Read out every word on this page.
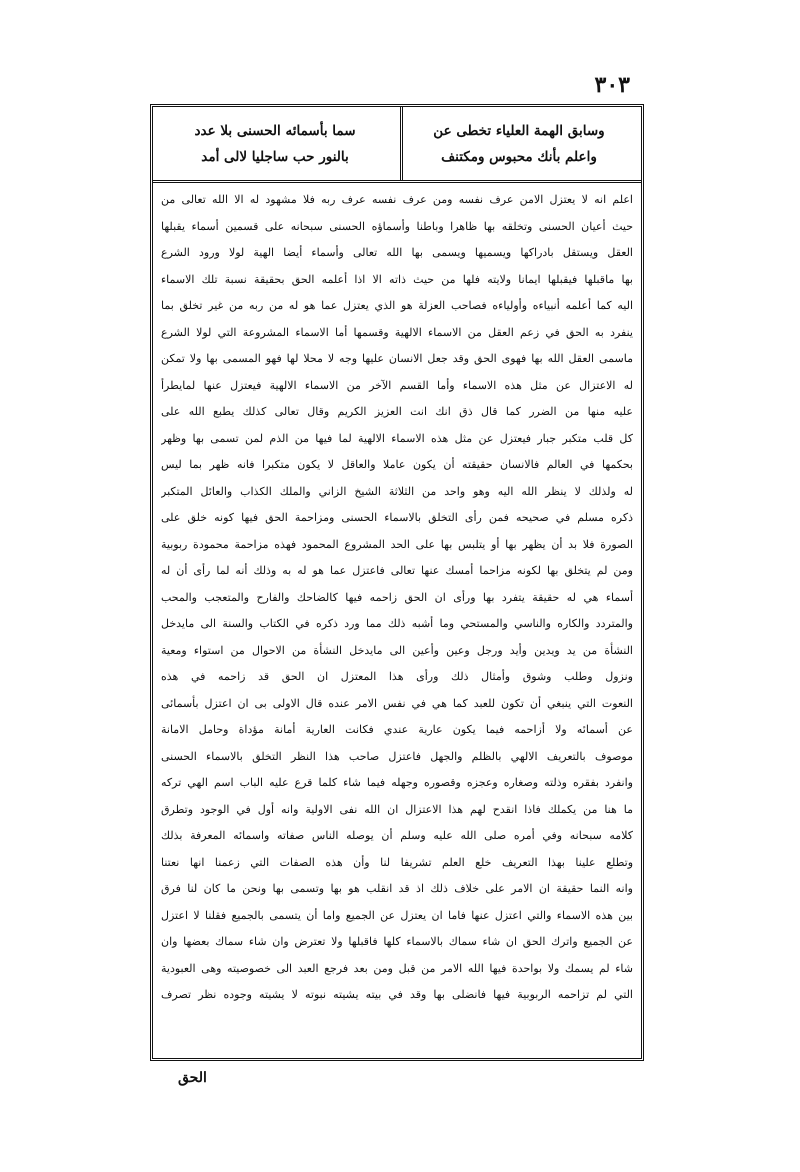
٣٠٣
وسابق الهمة العلياء تخطى عن
واعلم بأنك محبوس ومكتنف
سما بأسمائه الحسنى بلا عدد
بالنور حب ساجليا لالى أمد
اعلم انه لا يعتزل الامن عرف نفسه ومن عرف نفسه عرف ربه فلا مشهود له الا الله تعالى من
حيث أعيان الحسنى وتخلقه بها ظاهرا وباطنا وأسماؤه الحسنى سبحانه على قسمين أسماء يقبلها
العقل ويستقل بادراكها ويسميها ويسمى بها الله تعالى وأسماء أيضا الهية لولا ورود الشرع
بها ماقبلها فيقبلها ايمانا ولايته فلها من حيث ذاته الا اذا أعلمه الحق بحقيقة نسبة تلك الاسماء
اليه كما أعلمه أنبياءه وأولياءه فصاحب العزلة هو الذي يعتزل عما هو له من ربه من غير تخلق بما
ينفرد به الحق في زعم العقل من الاسماء الالهية وقسمها أما الاسماء المشروعة التي لولا الشرع
ماسمى العقل الله بها فهوى الحق وقد جعل الانسان عليها وجه لا محلا لها فهو المسمى بها ولا تمكن
له الاعتزال عن مثل هذه الاسماء وأما القسم الآخر من الاسماء الالهية فيعتزل عنها لمايطرأ
عليه منها من الضرر كما قال ذق انك انت العزيز الكريم وقال تعالى كذلك يطبع الله على
كل قلب متكبر جبار فيعتزل عن مثل هذه الاسماء الالهية لما فيها من الذم لمن تسمى بها وظهر
بحكمها في العالم فالانسان حقيقته أن يكون عاملا والعاقل لا يكون متكبرا فانه ظهر بما ليس
له ولذلك لا ينظر الله اليه وهو واحد من الثلاثة الشيخ الزاني والملك الكذاب والعائل المتكبر
ذكره مسلم في صحيحه فمن رأى التخلق بالاسماء الحسنى ومزاحمة الحق فيها كونه خلق على
الصورة فلا بد أن يظهر بها أو يتلبس بها على الحد المشروع المحمود فهذه مزاحمة محمودة ربوبية
ومن لم يتخلق بها لكونه مزاحما أمسك عنها تعالى فاعتزل عما هو له به وذلك أنه لما رأى أن له
أسماء هي له حقيقة يتفرد بها ورأى ان الحق زاحمه فيها كالضاحك والفارح والمتعجب والمحب
والمتردد والكاره والناسي والمستحي وما أشبه ذلك مما ورد ذكره في الكتاب والسنة الى مايدخل
النشأة من يد ويدين وأيد ورجل وعين وأعين الى مايدخل النشأة من الاحوال من استواء ومعية
ونزول وطلب وشوق وأمثال ذلك ورأى هذا المعتزل ان الحق قد زاحمه في هذه
النعوت التي ينبغي أن تكون للعبد كما هي في نفس الامر عنده قال الاولى بى ان اعتزل بأسمائى
عن أسمائه ولا أزاحمه فيما يكون عارية عندي فكانت العارية أمانة مؤداة وحامل الامانة
موصوف بالتعريف الالهي بالظلم والجهل فاعتزل صاحب هذا النظر التخلق بالاسماء الحسنى
وانفرد بفقره وذلته وصغاره وعجزه وقصوره وجهله فيما شاء كلما قرع عليه الباب اسم الهي تركه
ما هنا من يكملك فاذا انقدح لهم هذا الاعتزال ان الله نفى الاولية وانه أول في الوجود وتطرق
كلامه سبحانه وفي أمره صلى الله عليه وسلم أن يوصله الناس صفاته واسمائه المعرفة بذلك
وتطلع علينا بهذا التعريف خلع العلم تشريفا لنا وأن هذه الصفات التي زعمنا انها نعتنا
وانه النما حقيقة ان الامر على خلاف ذلك اذ قد انقلب هو بها وتسمى بها ونحن ما كان لنا فرق
بين هذه الاسماء والتي اعتزل عنها فاما ان يعتزل عن الجميع واما أن يتسمى بالجميع فقلنا لا اعتزل
عن الجميع واترك الحق ان شاء سماك بالاسماء كلها فاقبلها ولا تعترض وان شاء سماك بعضها وان
شاء لم يسمك ولا بواحدة فيها الله الامر من قبل ومن بعد فرجع العبد الى خصوصيته وهى العبودية
التي لم تزاحمه الربوبية فيها فانضلى بها وقد في بيته يشيته نبوته لا يشيته وجوده نظر تصرف
الحق
